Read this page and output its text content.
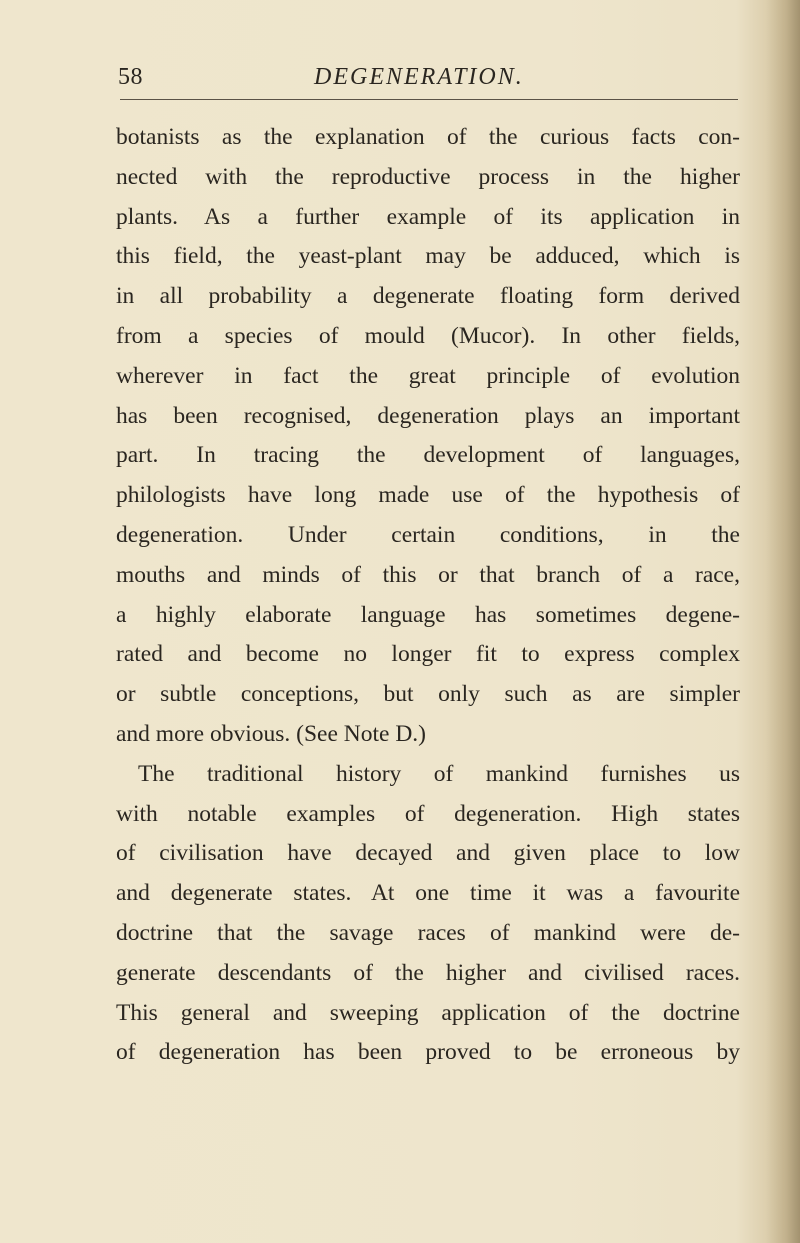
58	DEGENERATION.
botanists as the explanation of the curious facts con-
nected with the reproductive process in the higher
plants. As a further example of its application in
this field, the yeast-plant may be adduced, which is
in all probability a degenerate floating form derived
from a species of mould (Mucor). In other fields,
wherever in fact the great principle of evolution
has been recognised, degeneration plays an important
part. In tracing the development of languages,
philologists have long made use of the hypothesis of
degeneration. Under certain conditions, in the
mouths and minds of this or that branch of a race,
a highly elaborate language has sometimes degene-
rated and become no longer fit to express complex
or subtle conceptions, but only such as are simpler
and more obvious. (See Note D.)
The traditional history of mankind furnishes us
with notable examples of degeneration. High states
of civilisation have decayed and given place to low
and degenerate states. At one time it was a favourite
doctrine that the savage races of mankind were de-
generate descendants of the higher and civilised races.
This general and sweeping application of the doctrine
of degeneration has been proved to be erroneous by
